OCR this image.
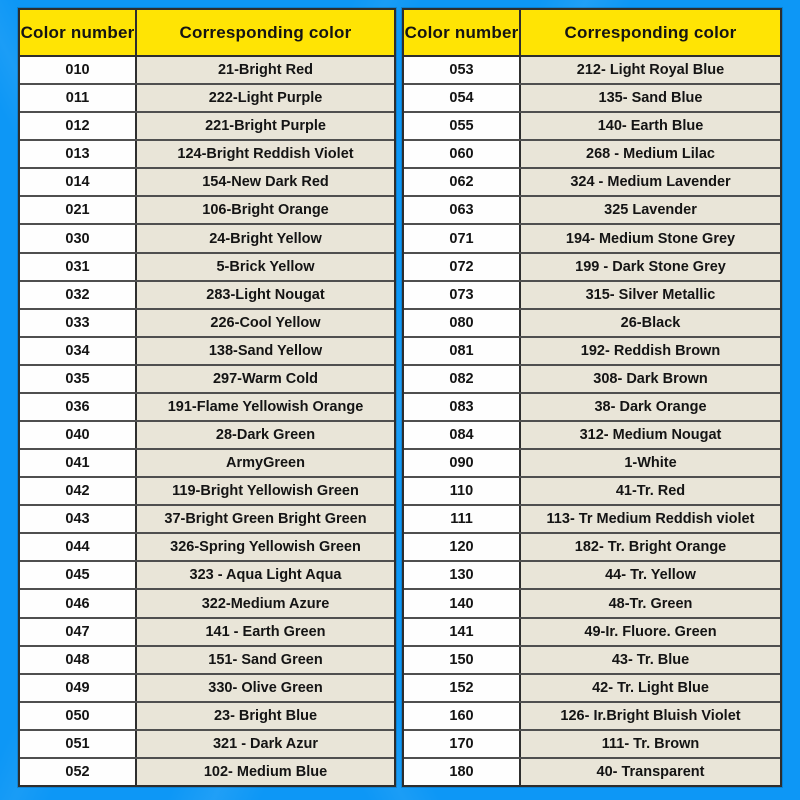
Color number	Corresponding color
010	21-Bright Red
011	222-Light Purple
012	221-Bright Purple
013	124-Bright Reddish Violet
014	154-New Dark Red
021	106-Bright Orange
030	24-Bright Yellow
031	5-Brick Yellow
032	283-Light Nougat
033	226-Cool Yellow
034	138-Sand Yellow
035	297-Warm Cold
036	191-Flame Yellowish Orange
040	28-Dark Green
041	ArmyGreen
042	119-Bright Yellowish Green
043	37-Bright Green Bright Green
044	326-Spring Yellowish Green
045	323 - Aqua Light Aqua
046	322-Medium Azure
047	141 - Earth Green
048	151- Sand Green
049	330- Olive Green
050	23- Bright Blue
051	321 - Dark Azur
052	102- Medium Blue
Color number	Corresponding color
053	212- Light Royal Blue
054	135- Sand Blue
055	140- Earth Blue
060	268 - Medium Lilac
062	324 - Medium Lavender
063	325 Lavender
071	194- Medium Stone Grey
072	199 - Dark Stone Grey
073	315- Silver Metallic
080	26-Black
081	192- Reddish Brown
082	308- Dark Brown
083	38- Dark Orange
084	312- Medium Nougat
090	1-White
110	41-Tr. Red
111	113- Tr Medium Reddish violet
120	182- Tr. Bright Orange
130	44- Tr. Yellow
140	48-Tr. Green
141	49-Ir. Fluore. Green
150	43- Tr. Blue
152	42- Tr. Light Blue
160	126- Ir.Bright Bluish Violet
170	111- Tr. Brown
180	40- Transparent
